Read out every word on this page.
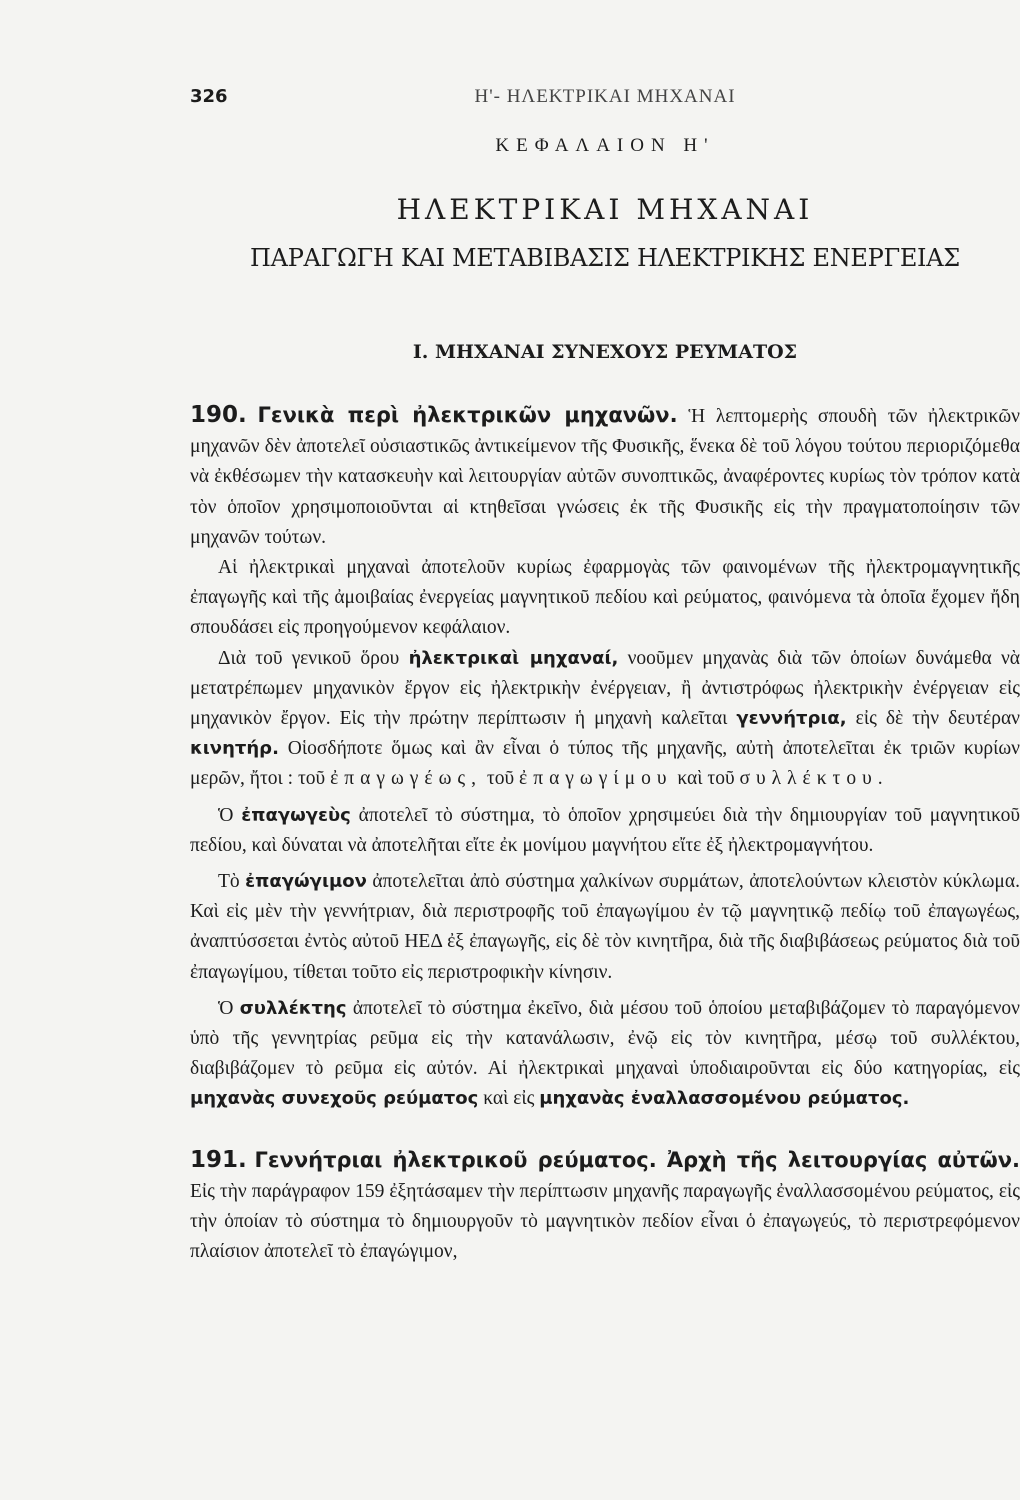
326	Η'- ΗΛΕΚΤΡΙΚΑΙ ΜΗΧΑΝΑΙ
ΚΕΦΑΛΑΙΟΝ Η'
ΗΛΕΚΤΡΙΚΑΙ ΜΗΧΑΝΑΙ
ΠΑΡΑΓΩΓΗ ΚΑΙ ΜΕΤΑΒΙΒΑΣΙΣ ΗΛΕΚΤΡΙΚΗΣ ΕΝΕΡΓΕΙΑΣ
Ι. ΜΗΧΑΝΑΙ ΣΥΝΕΧΟΥΣ ΡΕΥΜΑΤΟΣ

190. Γενικὰ περὶ ἠλεκτρικῶν μηχανῶν. Ἡ λεπτομερὴς σπουδὴ τῶν ἠλεκτρικῶν μηχανῶν δὲν ἀποτελεῖ οὐσιαστικῶς ἀντικείμενον τῆς Φυσικῆς, ἕνεκα δὲ τοῦ λόγου τούτου περιοριζόμεθα νὰ ἐκθέσωμεν τὴν κατασκευὴν καὶ λειτουργίαν αὐτῶν συνοπτικῶς, ἀναφέροντες κυρίως τὸν τρόπον κατὰ τὸν ὁποῖον χρησιμοποιοῦνται αἱ κτηθεῖσαι γνώσεις ἐκ τῆς Φυσικῆς εἰς τὴν πραγματοποίησιν τῶν μηχανῶν τούτων.

Αἱ ἠλεκτρικαὶ μηχαναὶ ἀποτελοῦν κυρίως ἐφαρμογὰς τῶν φαινομένων τῆς ἠλεκτρομαγνητικῆς ἐπαγωγῆς καὶ τῆς ἀμοιβαίας ἐνεργείας μαγνητικοῦ πεδίου καὶ ρεύματος, φαινόμενα τὰ ὁποῖα ἔχομεν ἤδη σπουδάσει εἰς προηγούμενον κεφάλαιον.

Διὰ τοῦ γενικοῦ ὅρου ἠλεκτρικαὶ μηχαναί, νοοῦμεν μηχανὰς διὰ τῶν ὁποίων δυνάμεθα νὰ μετατρέπωμεν μηχανικὸν ἔργον εἰς ἠλεκτρικὴν ἐνέργειαν, ἢ ἀντιστρόφως ἠλεκτρικὴν ἐνέργειαν εἰς μηχανικὸν ἔργον. Εἰς τὴν πρώτην περίπτωσιν ἡ μηχανὴ καλεῖται γεννήτρια, εἰς δὲ τὴν δευτέραν κινητήρ. Οἱοσδήποτε ὅμως καὶ ἂν εἶναι ὁ τύπος τῆς μηχανῆς, αὐτὴ ἀποτελεῖται ἐκ τριῶν κυρίων μερῶν, ἤτοι : τοῦ ἐπαγωγέως, τοῦ ἐπαγωγίμου καὶ τοῦ συλλέκτου.

Ὁ ἐπαγωγεὺς ἀποτελεῖ τὸ σύστημα, τὸ ὁποῖον χρησιμεύει διὰ τὴν δημιουργίαν τοῦ μαγνητικοῦ πεδίου, καὶ δύναται νὰ ἀποτελῆται εἴτε ἐκ μονίμου μαγνήτου εἴτε ἐξ ἠλεκτρομαγνήτου.

Τὸ ἐπαγώγιμον ἀποτελεῖται ἀπὸ σύστημα χαλκίνων συρμάτων, ἀποτελούντων κλειστὸν κύκλωμα. Καὶ εἰς μὲν τὴν γεννήτριαν, διὰ περιστροφῆς τοῦ ἐπαγωγίμου ἐν τῷ μαγνητικῷ πεδίῳ τοῦ ἐπαγωγέως, ἀναπτύσσεται ἐντὸς αὐτοῦ ΗΕΔ ἐξ ἐπαγωγῆς, εἰς δὲ τὸν κινητῆρα, διὰ τῆς διαβιβάσεως ρεύματος διὰ τοῦ ἐπαγωγίμου, τίθεται τοῦτο εἰς περιστροφικὴν κίνησιν.

Ὁ συλλέκτης ἀποτελεῖ τὸ σύστημα ἐκεῖνο, διὰ μέσου τοῦ ὁποίου μεταβιβάζομεν τὸ παραγόμενον ὑπὸ τῆς γεννητρίας ρεῦμα εἰς τὴν κατανάλωσιν, ἐνῷ εἰς τὸν κινητῆρα, μέσῳ τοῦ συλλέκτου, διαβιβάζομεν τὸ ρεῦμα εἰς αὐτόν. Αἱ ἠλεκτρικαὶ μηχαναὶ ὑποδιαιροῦνται εἰς δύο κατηγορίας, εἰς μηχανὰς συνεχοῦς ρεύματος καὶ εἰς μηχανὰς ἐναλλασσομένου ρεύματος.

191. Γεννήτριαι ἠλεκτρικοῦ ρεύματος. Ἀρχὴ τῆς λειτουργίας αὐτῶν. Εἰς τὴν παράγραφον 159 ἐξητάσαμεν τὴν περίπτωσιν μηχανῆς παραγωγῆς ἐναλλασσομένου ρεύματος, εἰς τὴν ὁποίαν τὸ σύστημα τὸ δημιουργοῦν τὸ μαγνητικὸν πεδίον εἶναι ὁ ἐπαγωγεύς, τὸ περιστρεφόμενον πλαίσιον ἀποτελεῖ τὸ ἐπαγώγιμον,
